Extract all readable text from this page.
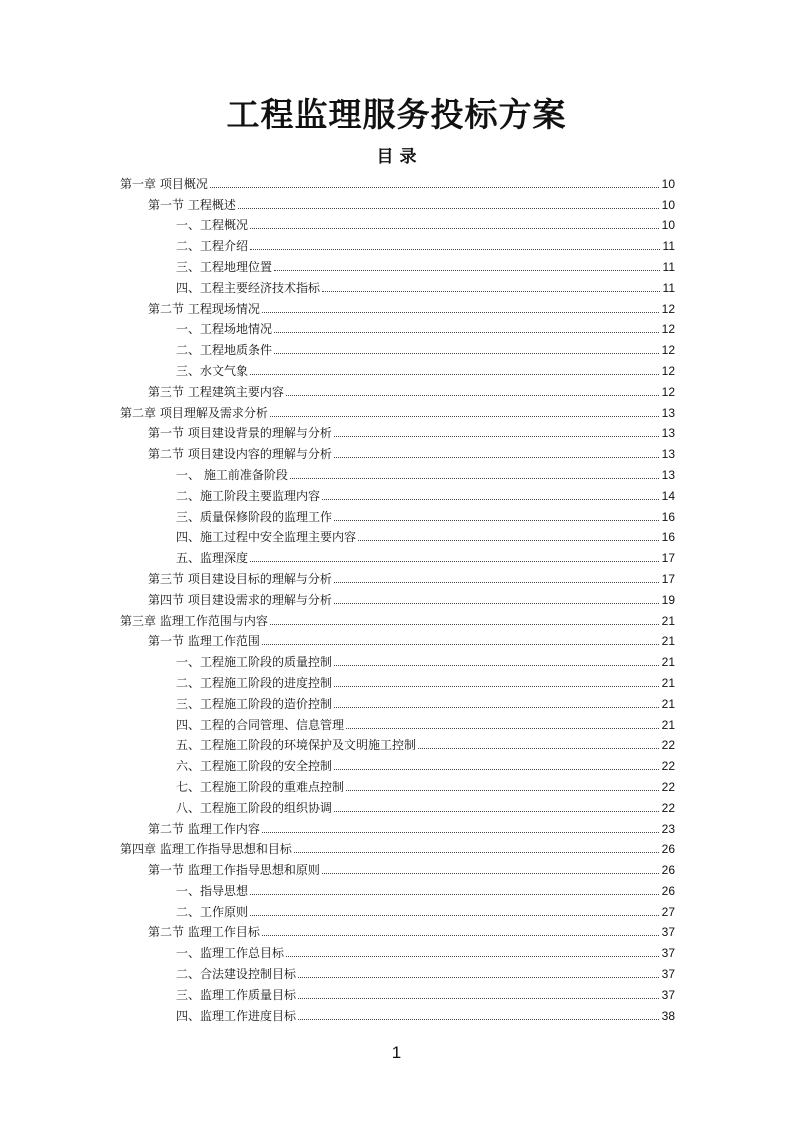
工程监理服务投标方案
目 录
第一章 项目概况	10
第一节 工程概述	10
一、工程概况	10
二、工程介绍	11
三、工程地理位置	11
四、工程主要经济技术指标	11
第二节 工程现场情况	12
一、工程场地情况	12
二、工程地质条件	12
三、水文气象	12
第三节 工程建筑主要内容	12
第二章 项目理解及需求分析	13
第一节 项目建设背景的理解与分析	13
第二节 项目建设内容的理解与分析	13
一、 施工前准备阶段	13
二、施工阶段主要监理内容	14
三、质量保修阶段的监理工作	16
四、施工过程中安全监理主要内容	16
五、监理深度	17
第三节 项目建设目标的理解与分析	17
第四节 项目建设需求的理解与分析	19
第三章 监理工作范围与内容	21
第一节 监理工作范围	21
一、工程施工阶段的质量控制	21
二、工程施工阶段的进度控制	21
三、工程施工阶段的造价控制	21
四、工程的合同管理、信息管理	21
五、工程施工阶段的环境保护及文明施工控制	22
六、工程施工阶段的安全控制	22
七、工程施工阶段的重难点控制	22
八、工程施工阶段的组织协调	22
第二节 监理工作内容	23
第四章 监理工作指导思想和目标	26
第一节 监理工作指导思想和原则	26
一、指导思想	26
二、工作原则	27
第二节 监理工作目标	37
一、监理工作总目标	37
二、合法建设控制目标	37
三、监理工作质量目标	37
四、监理工作进度目标	38
1
